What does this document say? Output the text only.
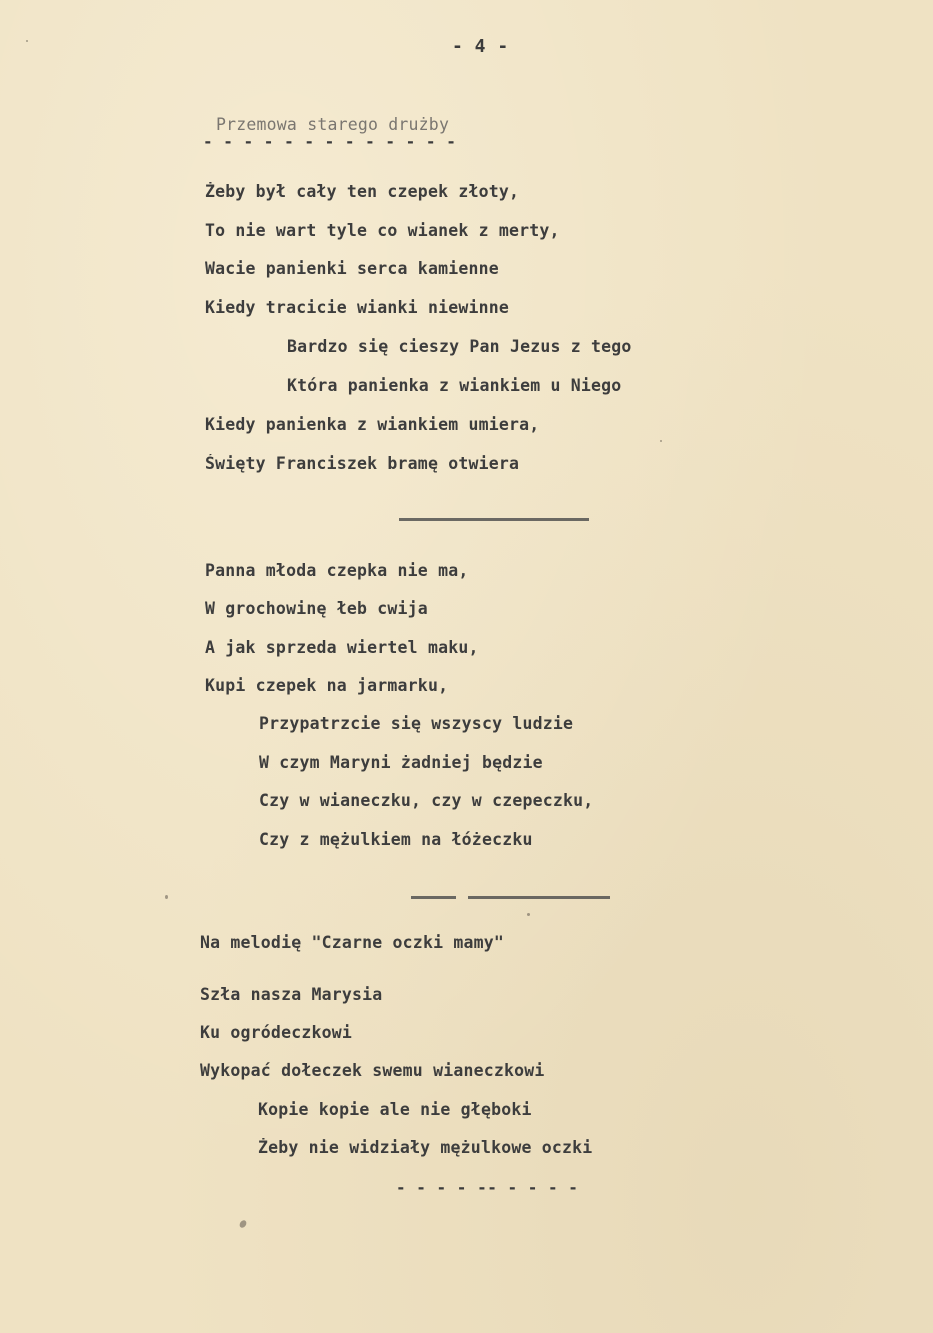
- 4 -
Przemowa starego drużby
- - - - - - - - - - - - -
Żeby był cały ten czepek złoty,
To nie wart tyle co wianek z merty,
Wacie panienki serca kamienne
Kiedy tracicie wianki niewinne
Bardzo się cieszy Pan Jezus z tego
Która panienka z wiankiem u Niego
Kiedy panienka z wiankiem umiera,
Święty Franciszek bramę otwiera
Panna młoda czepka nie ma,
W grochowinę łeb cwija
A jak sprzeda wiertel maku,
Kupi czepek na jarmarku,
Przypatrzcie się wszyscy ludzie
W czym Maryni żadniej będzie
Czy w wianeczku, czy w czepeczku,
Czy z mężulkiem na łóżeczku
Na melodię "Czarne oczki mamy"
Szła nasza Marysia
Ku ogródeczkowi
Wykopać dołeczek swemu wianeczkowi
Kopie kopie ale nie głęboki
Żeby nie widziały mężulkowe oczki
- - - - -- - - - -
